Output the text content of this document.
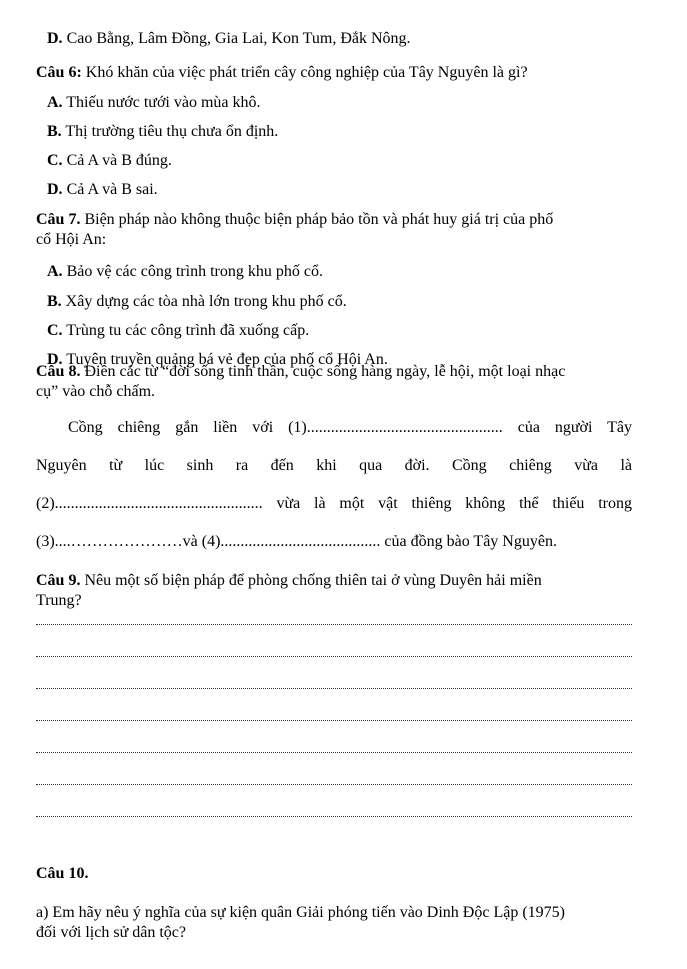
D. Cao Bằng, Lâm Đồng, Gia Lai, Kon Tum, Đắk Nông.
Câu 6: Khó khăn của việc phát triển cây công nghiệp của Tây Nguyên là gì?
A. Thiếu nước tưới vào mùa khô.
B. Thị trường tiêu thụ chưa ổn định.
C. Cả A và B đúng.
D. Cả A và B sai.
Câu 7. Biện pháp nào không thuộc biện pháp bảo tồn và phát huy giá trị của phố
cổ Hội An:
A. Bảo vệ các công trình trong khu phố cổ.
B. Xây dựng các tòa nhà lớn trong khu phố cổ.
C. Trùng tu các công trình đã xuống cấp.
D. Tuyên truyền quảng bá vẻ đẹp của phố cổ Hội An.
Câu 8. Điền các từ “đời sống tinh thần, cuộc sống hàng ngày, lễ hội, một loại nhạc
cụ” vào chỗ chấm.
Cồng chiêng gắn liền với (1)................................................. của người Tây
Nguyên từ lúc sinh ra đến khi qua đời. Cồng chiêng vừa là
(2).................................................... vừa là một vật thiêng không thể thiếu trong
(3)....…………………và (4)........................................ của đồng bào Tây Nguyên.
Câu 9. Nêu một số biện pháp để phòng chống thiên tai ở vùng Duyên hải miền
Trung?
Câu 10.
a) Em hãy nêu ý nghĩa của sự kiện quân Giải phóng tiến vào Dinh Độc Lập (1975)
đối với lịch sử dân tộc?
